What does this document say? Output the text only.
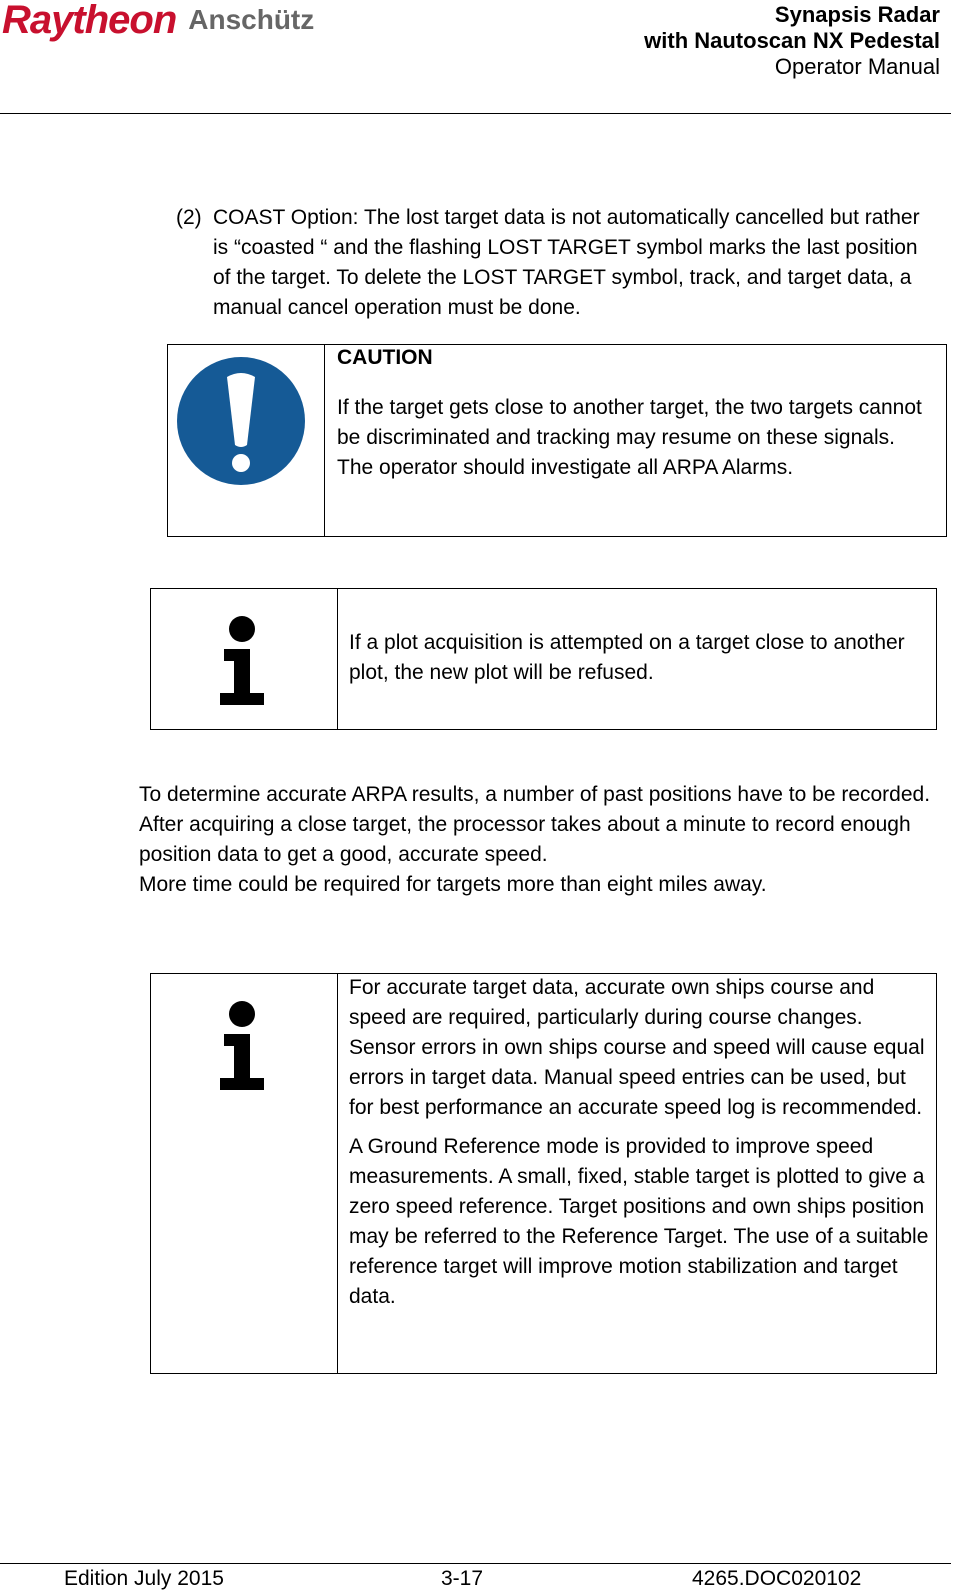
Raytheon Anschütz	Synapsis Radar
with Nautoscan NX Pedestal
Operator Manual
(2) COAST Option: The lost target data is not automatically cancelled but rather is “coasted “ and the flashing LOST TARGET symbol marks the last position of the target. To delete the LOST TARGET symbol, track, and target data, a manual cancel operation must be done.
CAUTION
If the target gets close to another target, the two targets cannot be discriminated and tracking may resume on these signals.
The operator should investigate all ARPA Alarms.
If a plot acquisition is attempted on a target close to another plot, the new plot will be refused.
To determine accurate ARPA results, a number of past positions have to be recorded. After acquiring a close target, the processor takes about a minute to record enough position data to get a good, accurate speed.
More time could be required for targets more than eight miles away.
For accurate target data, accurate own ships course and speed are required, particularly during course changes. Sensor errors in own ships course and speed will cause equal errors in target data. Manual speed entries can be used, but for best performance an accurate speed log is recommended.
A Ground Reference mode is provided to improve speed measurements. A small, fixed, stable target is plotted to give a zero speed reference. Target positions and own ships position may be referred to the Reference Target. The use of a suitable reference target will improve motion stabilization and target data.
Edition July 2015	3-17	4265.DOC020102
